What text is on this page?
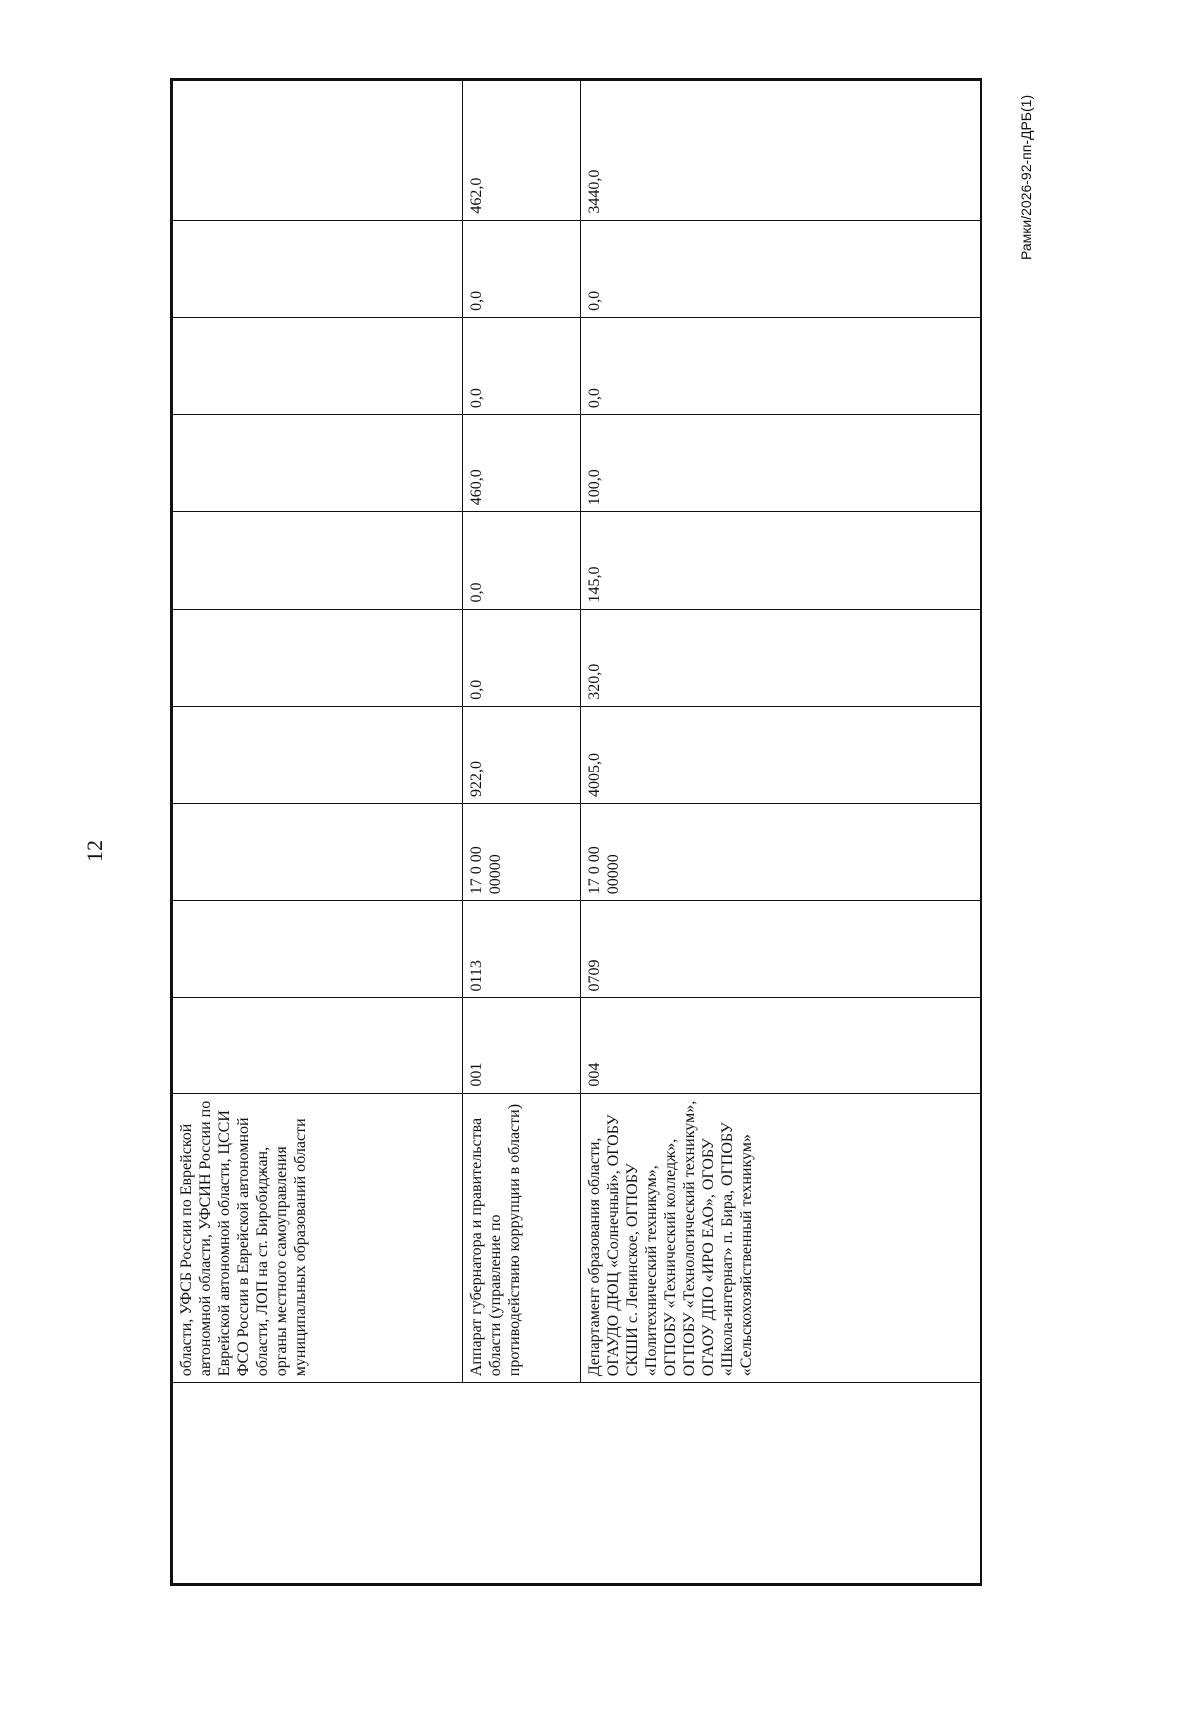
12
Рамки/2026-92-пп-ДРБ(1)
	области, УФСБ России по Еврейской автономной области, УФСИН России по Еврейской автономной области, ЦССИ ФСО России в Еврейской автономной области, ЛОП на ст. Биробиджан, органы местного самоуправления муниципальных образований области										
	Аппарат губернатора и правительства области (управление по противодействию коррупции в области)	001	0113	17 0 00 00000	922,0	0,0	0,0	460,0	0,0	0,0	462,0
	Департамент образования области, ОГАУДО ДЮЦ «Солнечный», ОГОБУ СКШИ с. Ленинское, ОГПОБУ «Политехнический техникум», ОГПОБУ «Технический колледж», ОГПОБУ «Технологический техникум», ОГАОУ ДПО «ИРО ЕАО», ОГОБУ «Школа-интернат» п. Бира, ОГПОБУ «Сельскохозяйственный техникум»	004	0709	17 0 00 00000	4005,0	320,0	145,0	100,0	0,0	0,0	3440,0
